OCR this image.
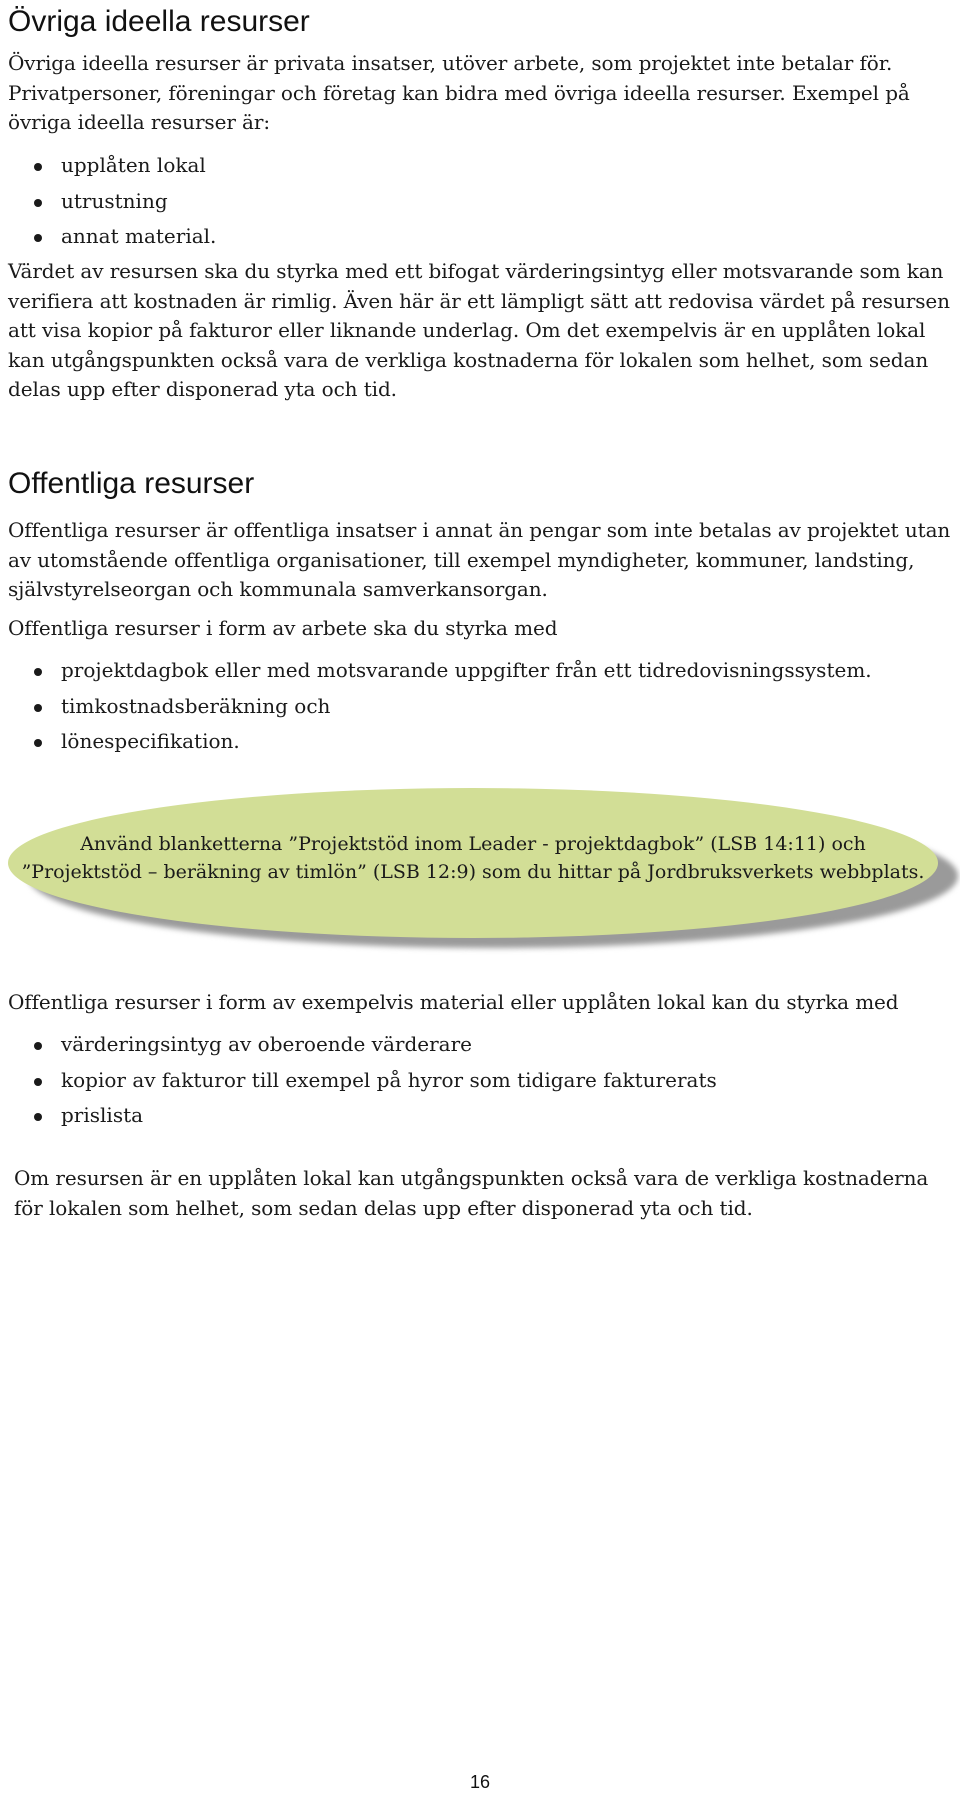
Övriga ideella resurser

Övriga ideella resurser är privata insatser, utöver arbete, som projektet inte betalar för. Privatpersoner, föreningar och företag kan bidra med övriga ideella resurser. Exempel på övriga ideella resurser är:

upplåten lokal
utrustning
annat material.

Värdet av resursen ska du styrka med ett bifogat värderingsintyg eller motsvarande som kan verifiera att kostnaden är rimlig. Även här är ett lämpligt sätt att redovisa värdet på resursen att visa kopior på fakturor eller liknande underlag. Om det exempelvis är en upplåten lokal kan utgångspunkten också vara de verkliga kostnaderna för lokalen som helhet, som sedan delas upp efter disponerad yta och tid.

Offentliga resurser

Offentliga resurser är offentliga insatser i annat än pengar som inte betalas av projektet utan av utomstående offentliga organisationer, till exempel myndigheter, kommuner, landsting, självstyrelseorgan och kommunala samverkansorgan.

Offentliga resurser i form av arbete ska du styrka med

projektdagbok eller med motsvarande uppgifter från ett tidredovisningssystem.
timkostnadsberäkning och
lönespecifikation.
Använd blanketterna ”Projektstöd inom Leader - projektdagbok” (LSB 14:11) och
”Projektstöd – beräkning av timlön” (LSB 12:9) som du hittar på Jordbruksverkets webbplats.

Offentliga resurser i form av exempelvis material eller upplåten lokal kan du styrka med

värderingsintyg av oberoende värderare
kopior av fakturor till exempel på hyror som tidigare fakturerats
prislista

Om resursen är en upplåten lokal kan utgångspunkten också vara de verkliga kostnaderna för lokalen som helhet, som sedan delas upp efter disponerad yta och tid.

16
